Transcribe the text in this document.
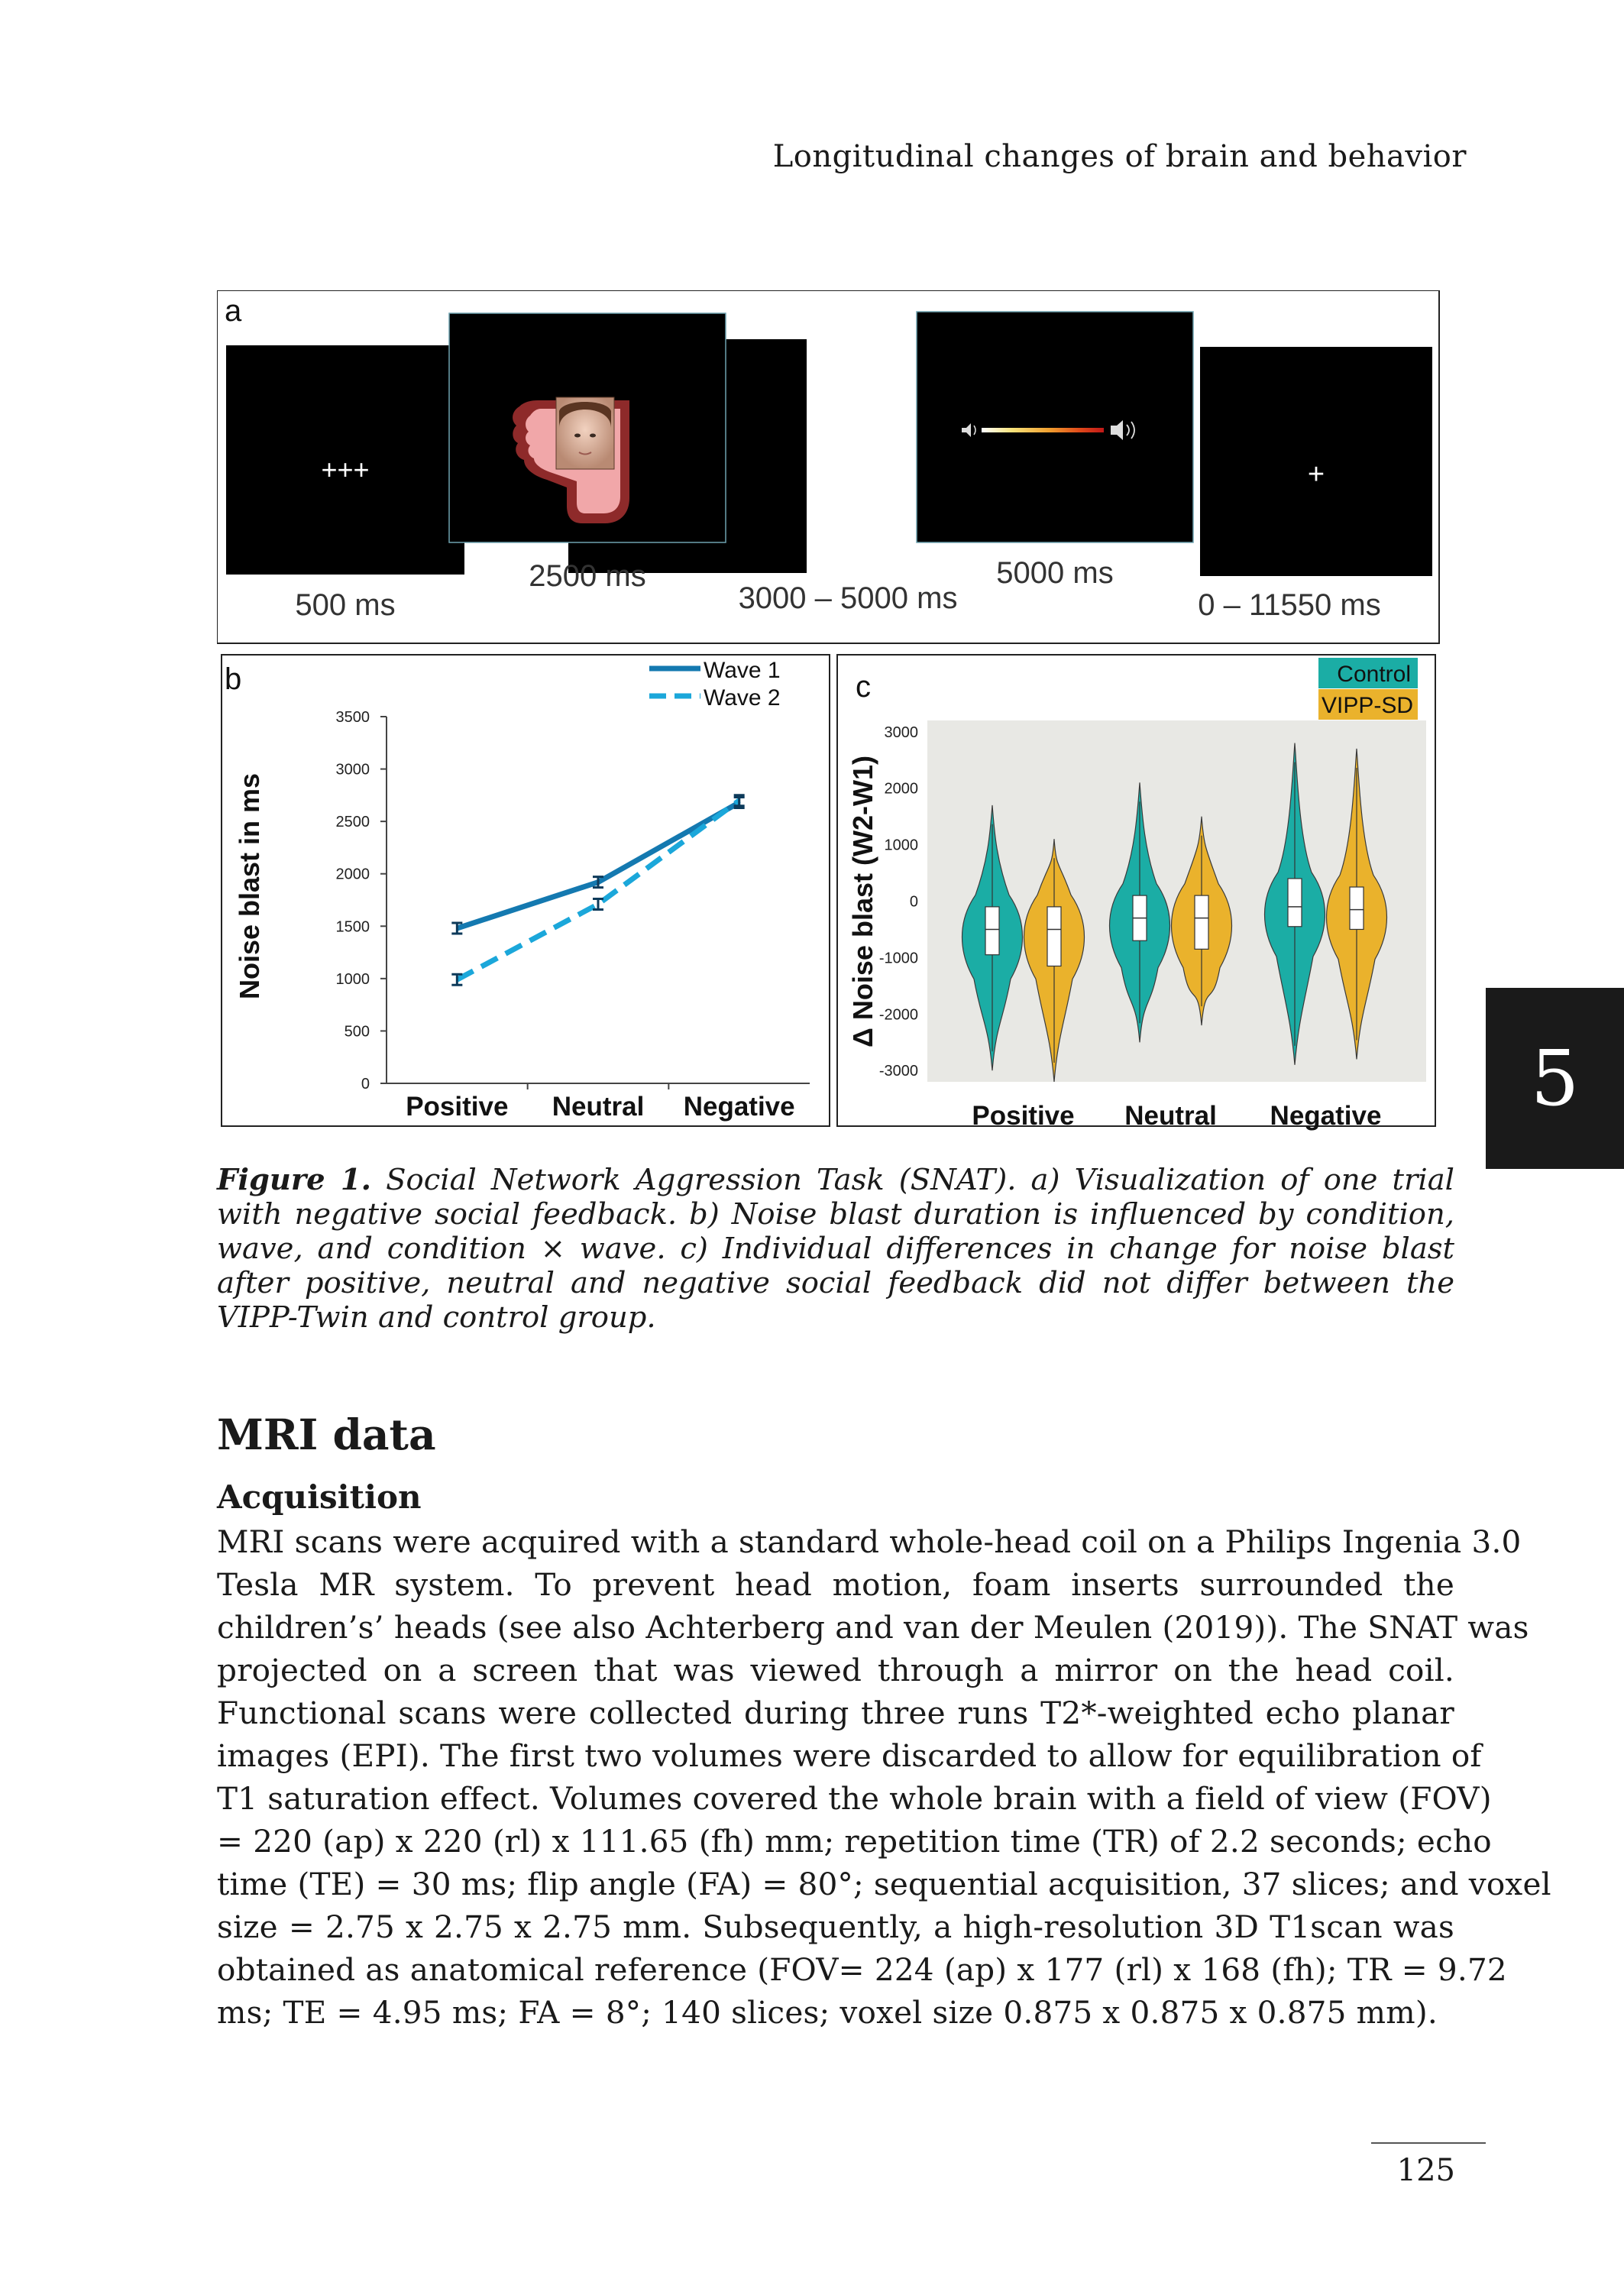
Longitudinal changes of brain and behavior
a
+++	+
500 ms
2500 ms
3000 – 5000 ms
5000 ms
0 – 11550 ms
b
Noise blast in ms
Wave 1
Wave 2
0
500
1000
1500
2000
2500
3000
3500
Positive Neutral Negative
c
Δ Noise blast (W2-W1)
Control
VIPP-SD
-3000
-2000
-1000
0
1000
2000
3000
Positive Neutral Negative
Figure 1. Social Network Aggression Task (SNAT). a) Visualization of one trial with negative social feedback. b) Noise blast duration is influenced by condition, wave, and condition × wave. c) Individual differences in change for noise blast after positive, neutral and negative social feedback did not differ between the VIPP-Twin and control group.
MRI data
Acquisition
MRI scans were acquired with a standard whole-head coil on a Philips Ingenia 3.0
Tesla MR system. To prevent head motion, foam inserts surrounded the
children’s’ heads (see also Achterberg and van der Meulen (2019)). The SNAT was
projected on a screen that was viewed through a mirror on the head coil.
Functional scans were collected during three runs T2*-weighted echo planar
images (EPI). The first two volumes were discarded to allow for equilibration of
T1 saturation effect. Volumes covered the whole brain with a field of view (FOV)
= 220 (ap) x 220 (rl) x 111.65 (fh) mm; repetition time (TR) of 2.2 seconds; echo
time (TE) = 30 ms; flip angle (FA) = 80°; sequential acquisition, 37 slices; and voxel
size = 2.75 x 2.75 x 2.75 mm. Subsequently, a high-resolution 3D T1scan was
obtained as anatomical reference (FOV= 224 (ap) x 177 (rl) x 168 (fh); TR = 9.72
ms; TE = 4.95 ms; FA = 8°; 140 slices; voxel size 0.875 x 0.875 x 0.875 mm).
5
125
